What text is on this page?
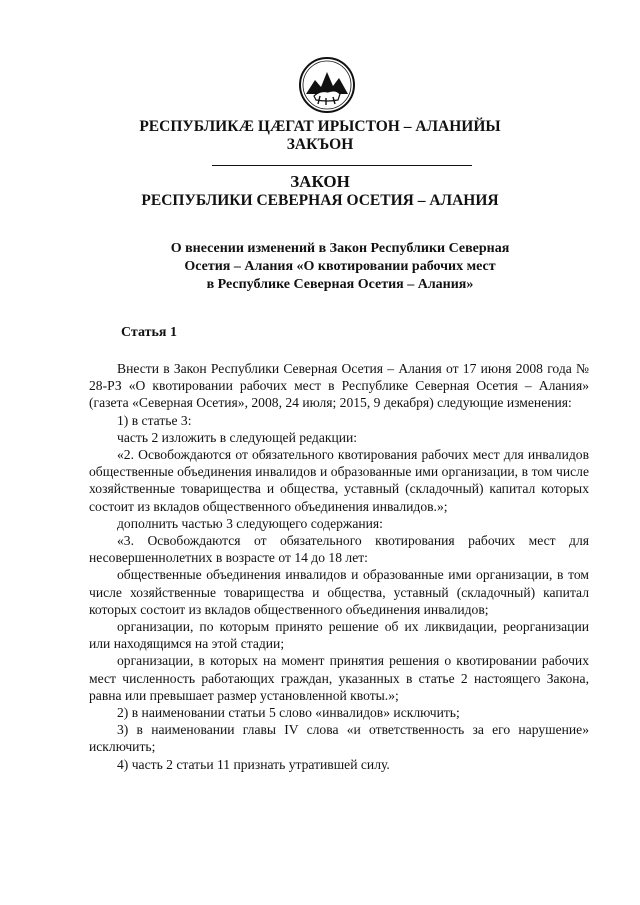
РЕСПУБЛИКӔ ЦӔГАТ ИРЫСТОН – АЛАНИЙЫ
ЗАКЪОН
ЗАКОН
РЕСПУБЛИКИ СЕВЕРНАЯ ОСЕТИЯ – АЛАНИЯ
О внесении изменений в Закон Республики Северная
Осетия – Алания «О квотировании рабочих мест
в Республике Северная Осетия – Алания»
Статья 1

Внести в Закон Республики Северная Осетия – Алания от 17 июня 2008 года № 28-РЗ «О квотировании рабочих мест в Республике Северная Осетия – Алания» (газета «Северная Осетия», 2008, 24 июля; 2015, 9 декабря) следующие изменения:

1) в статье 3:

часть 2 изложить в следующей редакции:

«2. Освобождаются от обязательного квотирования рабочих мест для инвалидов общественные объединения инвалидов и образованные ими организации, в том числе хозяйственные товарищества и общества, уставный (складочный) капитал которых состоит из вкладов общественного объединения инвалидов.»;

дополнить частью 3 следующего содержания:

«3. Освобождаются от обязательного квотирования рабочих мест для несовершеннолетних в возрасте от 14 до 18 лет:

общественные объединения инвалидов и образованные ими организации, в том числе хозяйственные товарищества и общества, уставный (складочный) капитал которых состоит из вкладов общественного объединения инвалидов;

организации, по которым принято решение об их ликвидации, реорганизации или находящимся на этой стадии;

организации, в которых на момент принятия решения о квотировании рабочих мест численность работающих граждан, указанных в статье 2 настоящего Закона, равна или превышает размер установленной квоты.»;

2) в наименовании статьи 5 слово «инвалидов» исключить;

3) в наименовании главы IV слова «и ответственность за его нарушение» исключить;

4) часть 2 статьи 11 признать утратившей силу.
